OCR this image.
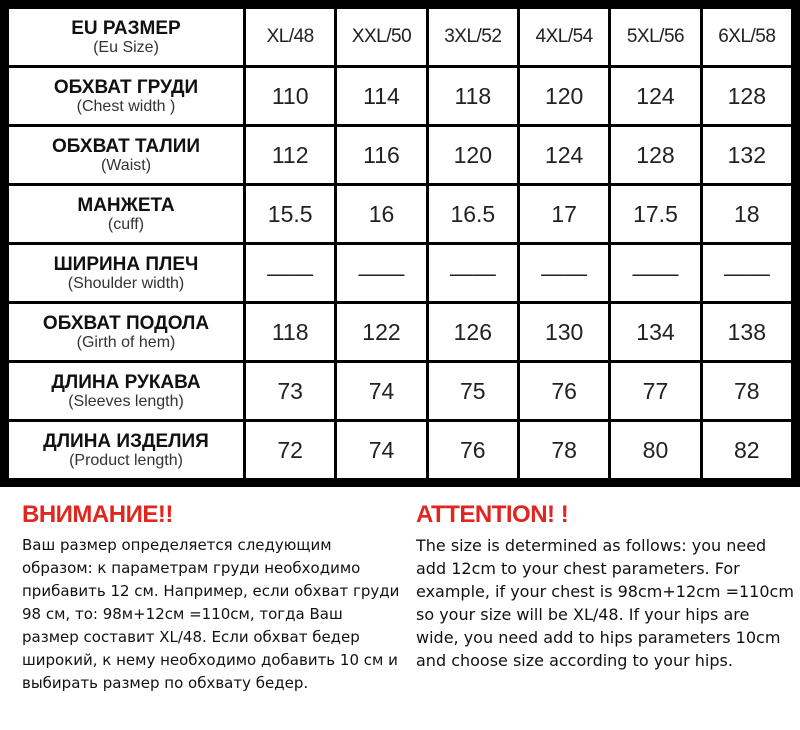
EU РАЗМЕР
(Eu Size)	XL/48	XXL/50	3XL/52	4XL/54	5XL/56	6XL/58

ОБХВАТ ГРУДИ
(Chest width )	110	114	118	120	124	128

ОБХВАТ ТАЛИИ
(Waist)	112	116	120	124	128	132

МАНЖЕТА
(cuff)	15.5	16	16.5	17	17.5	18

ШИРИНА ПЛЕЧ
(Shoulder width)	——	——	——	——	——	——

ОБХВАТ ПОДОЛА
(Girth of hem)	118	122	126	130	134	138

ДЛИНА РУКАВА
(Sleeves length)	73	74	75	76	77	78

ДЛИНА ИЗДЕЛИЯ
(Product length)	72	74	76	78	80	82
ВНИМАНИЕ!!

Ваш размер определяется следующим образом: к параметрам груди необходимо прибавить 12 см. Например, если обхват груди 98 см, то: 98м+12см =110см, тогда Ваш размер составит XL/48. Если обхват бедер широкий, к нему необходимо добавить 10 см и выбирать размер по обхвату бедер.

ATTENTION! !

The size is determined as follows: you need add 12cm to your chest parameters. For example, if your chest is 98cm+12cm =110cm so your size will be XL/48. If your hips are wide, you need add to hips parameters 10cm and choose size according to your hips.
